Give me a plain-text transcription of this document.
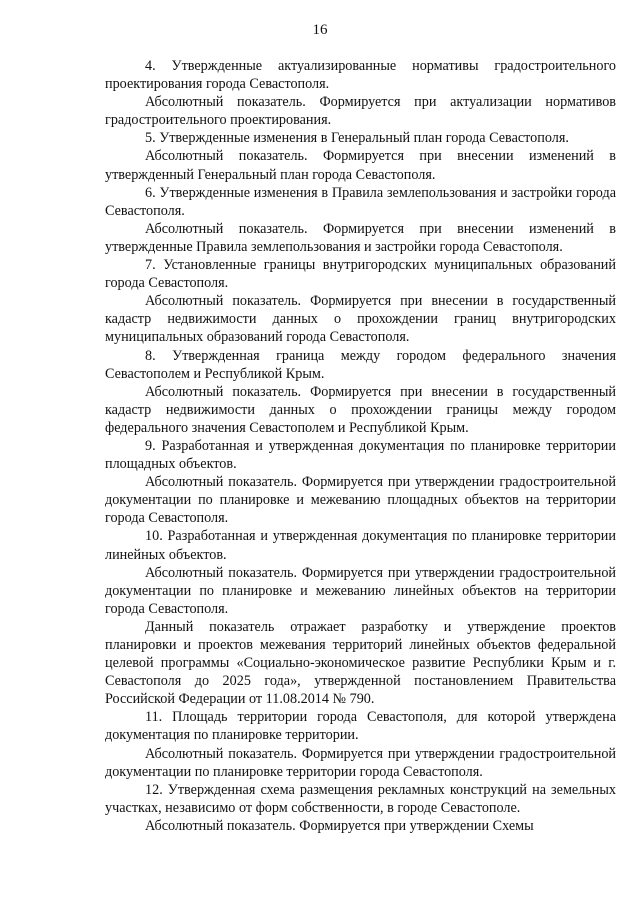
16

4. Утвержденные актуализированные нормативы градостроительного проектирования города Севастополя.

Абсолютный показатель. Формируется при актуализации нормативов градостроительного проектирования.

5. Утвержденные изменения в Генеральный план города Севастополя.

Абсолютный показатель. Формируется при внесении изменений в утвержденный Генеральный план города Севастополя.

6. Утвержденные изменения в Правила землепользования и застройки города Севастополя.

Абсолютный показатель. Формируется при внесении изменений в утвержденные Правила землепользования и застройки города Севастополя.

7. Установленные границы внутригородских муниципальных образований города Севастополя.

Абсолютный показатель. Формируется при внесении в государственный кадастр недвижимости данных о прохождении границ внутригородских муниципальных образований города Севастополя.

8. Утвержденная граница между городом федерального значения Севастополем и Республикой Крым.

Абсолютный показатель. Формируется при внесении в государственный кадастр недвижимости данных о прохождении границы между городом федерального значения Севастополем и Республикой Крым.

9. Разработанная и утвержденная документация по планировке территории площадных объектов.

Абсолютный показатель. Формируется при утверждении градостроительной документации по планировке и межеванию площадных объектов на территории города Севастополя.

10. Разработанная и утвержденная документация по планировке территории линейных объектов.

Абсолютный показатель. Формируется при утверждении градостроительной документации по планировке и межеванию линейных объектов на территории города Севастополя.

Данный показатель отражает разработку и утверждение проектов планировки и проектов межевания территорий линейных объектов федеральной целевой программы «Социально-экономическое развитие Республики Крым и г. Севастополя до 2025 года», утвержденной постановлением Правительства Российской Федерации от 11.08.2014 № 790.

11. Площадь территории города Севастополя, для которой утверждена документация по планировке территории.

Абсолютный показатель. Формируется при утверждении градостроительной документации по планировке территории города Севастополя.

12. Утвержденная схема размещения рекламных конструкций на земельных участках, независимо от форм собственности, в городе Севастополе.

Абсолютный показатель. Формируется при утверждении Схемы
